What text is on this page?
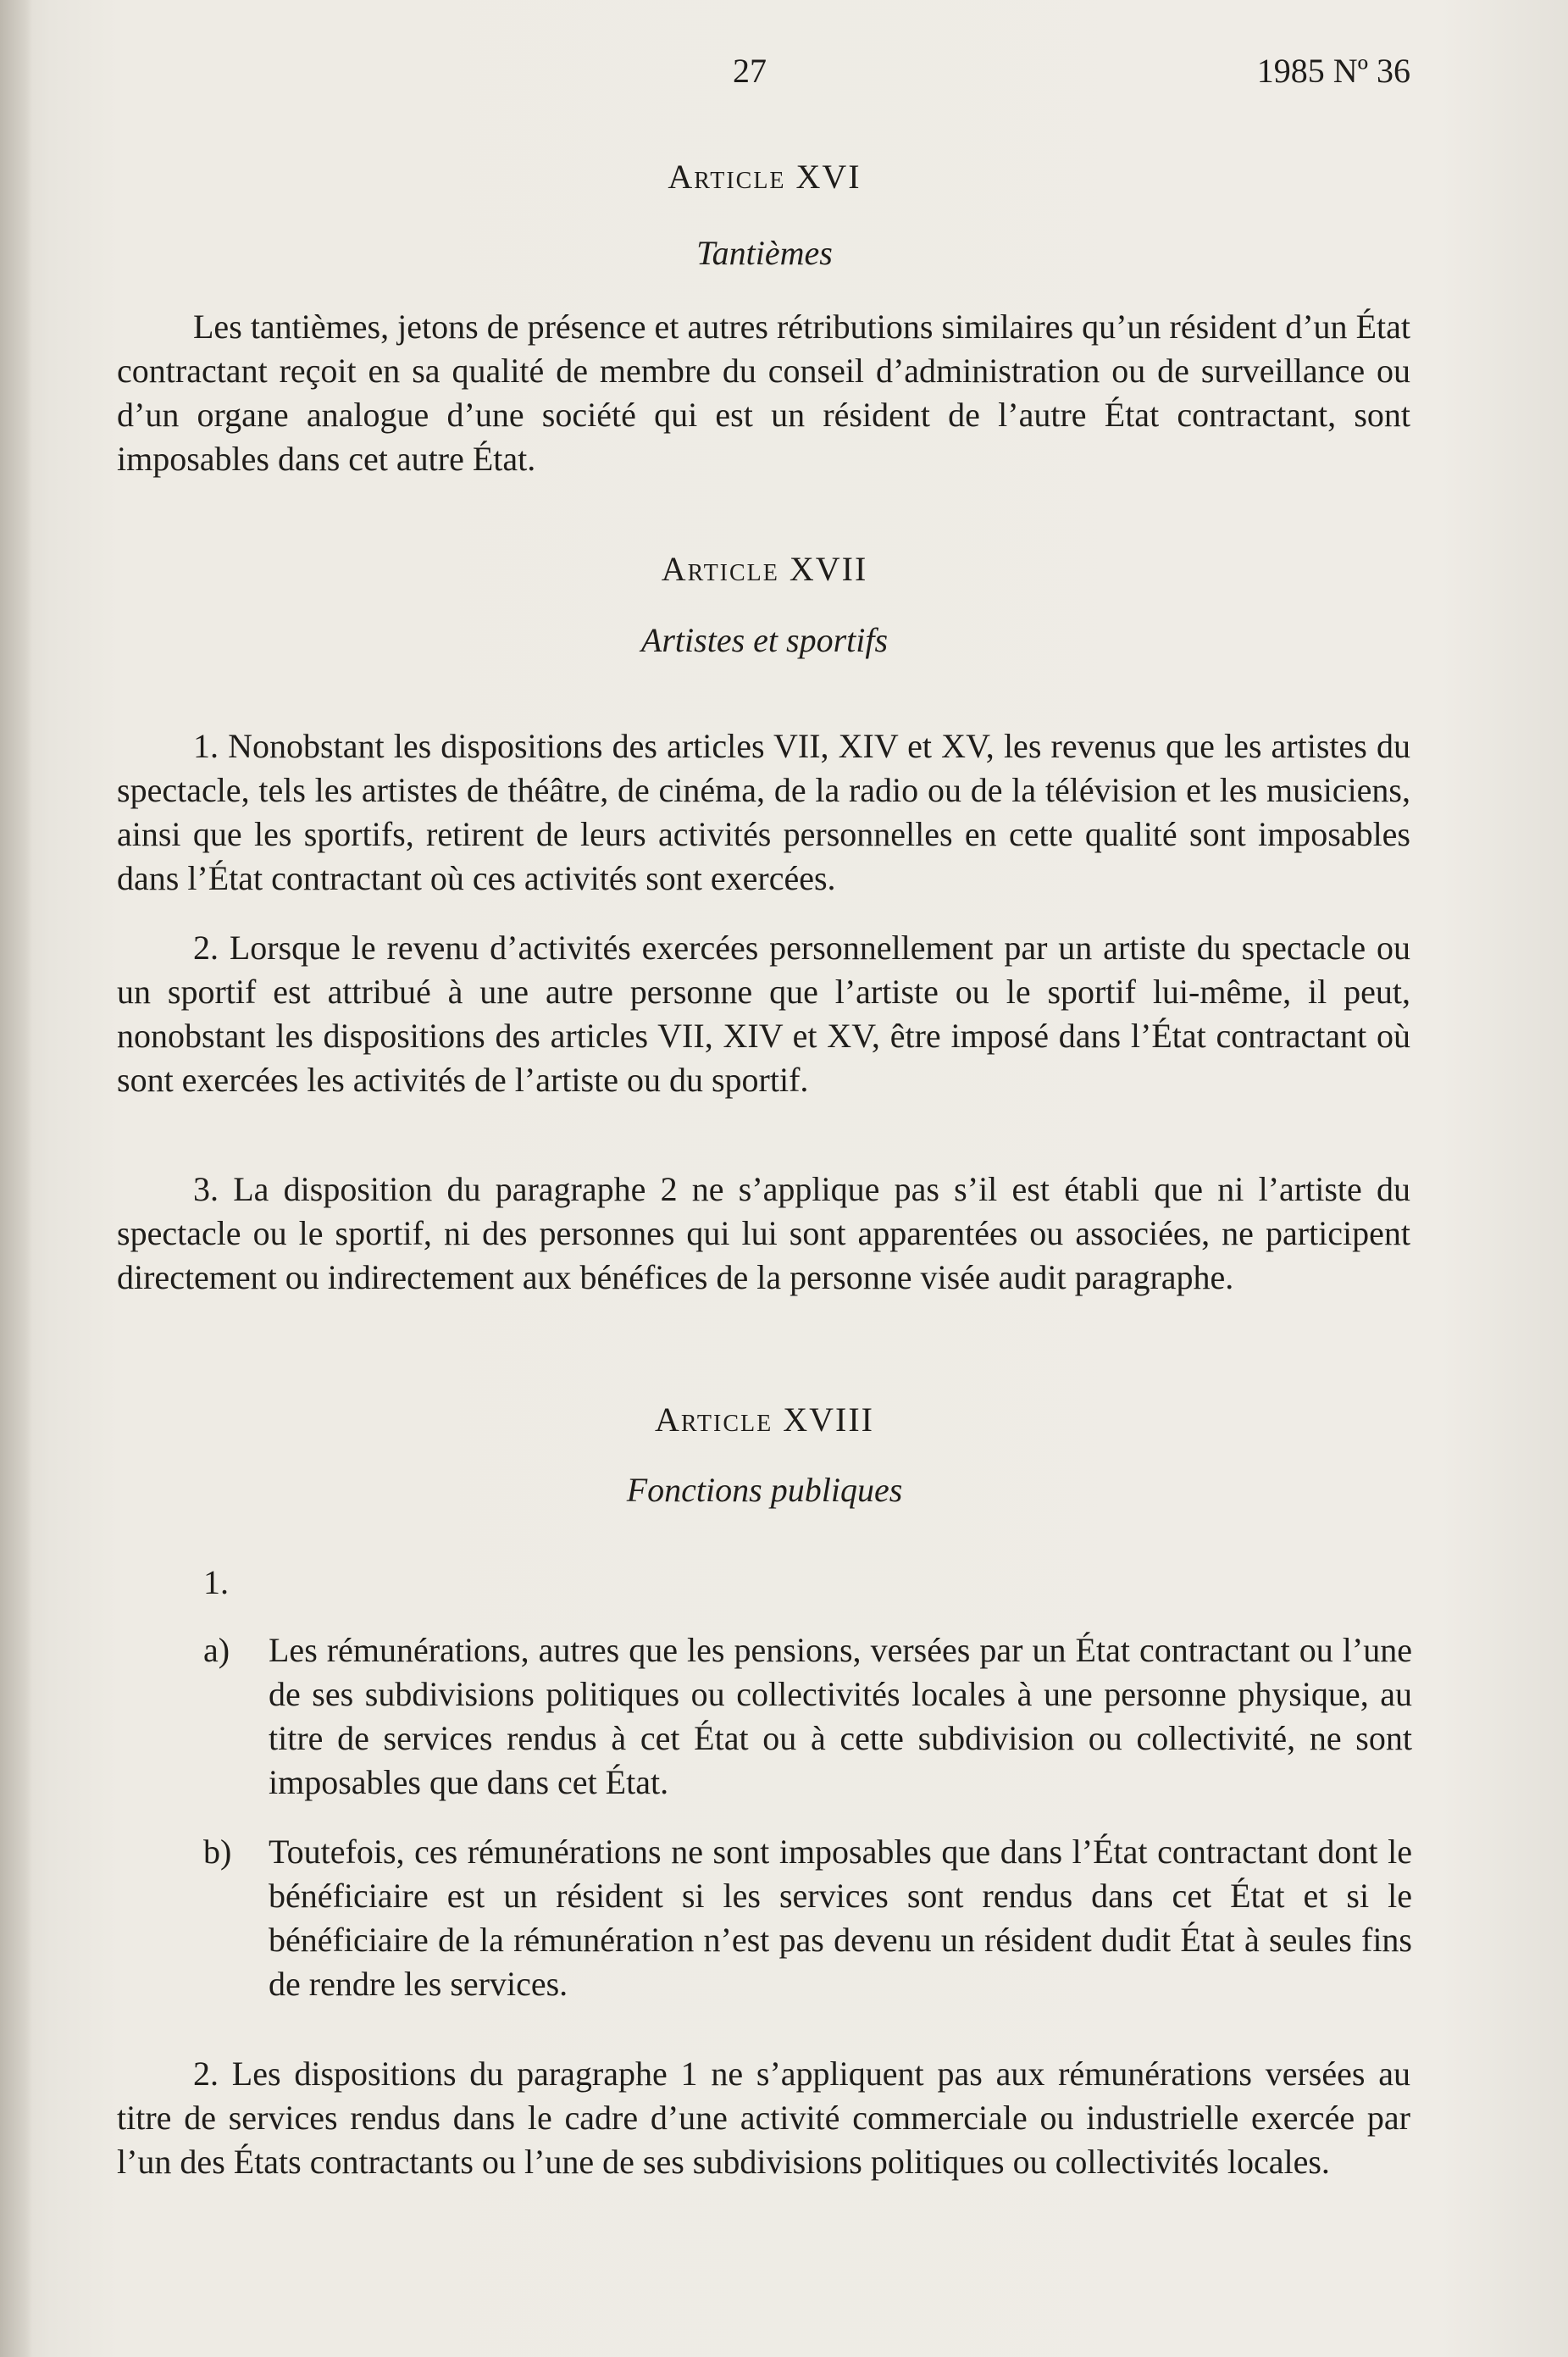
27	1985 Nº 36
Article XVI
Tantièmes

Les tantièmes, jetons de présence et autres rétributions similaires qu’un résident d’un État contractant reçoit en sa qualité de membre du conseil d’administration ou de surveillance ou d’un organe analogue d’une société qui est un résident de l’autre État contractant, sont imposables dans cet autre État.

Article XVII
Artistes et sportifs

1. Nonobstant les dispositions des articles VII, XIV et XV, les revenus que les artistes du spectacle, tels les artistes de théâtre, de cinéma, de la radio ou de la télévision et les musiciens, ainsi que les sportifs, retirent de leurs activités personnelles en cette qualité sont imposables dans l’État contractant où ces activités sont exercées.

2. Lorsque le revenu d’activités exercées personnellement par un artiste du spectacle ou un sportif est attribué à une autre personne que l’artiste ou le sportif lui-même, il peut, nonobstant les dispositions des articles VII, XIV et XV, être imposé dans l’État contractant où sont exercées les activités de l’artiste ou du sportif.

3. La disposition du paragraphe 2 ne s’applique pas s’il est établi que ni l’artiste du spectacle ou le sportif, ni des personnes qui lui sont apparentées ou associées, ne participent directement ou indirectement aux bénéfices de la personne visée audit paragraphe.

Article XVIII
Fonctions publiques
1.
a) Les rémunérations, autres que les pensions, versées par un État contractant ou l’une de ses subdivisions politiques ou collectivités locales à une personne physique, au titre de services rendus à cet État ou à cette subdivision ou collectivité, ne sont imposables que dans cet État.

b) Toutefois, ces rémunérations ne sont imposables que dans l’État contractant dont le bénéficiaire est un résident si les services sont rendus dans cet État et si le bénéficiaire de la rémunération n’est pas devenu un résident dudit État à seules fins de rendre les services.

2. Les dispositions du paragraphe 1 ne s’appliquent pas aux rémunérations versées au titre de services rendus dans le cadre d’une activité commerciale ou industrielle exercée par l’un des États contractants ou l’une de ses subdivisions politiques ou collectivités locales.
